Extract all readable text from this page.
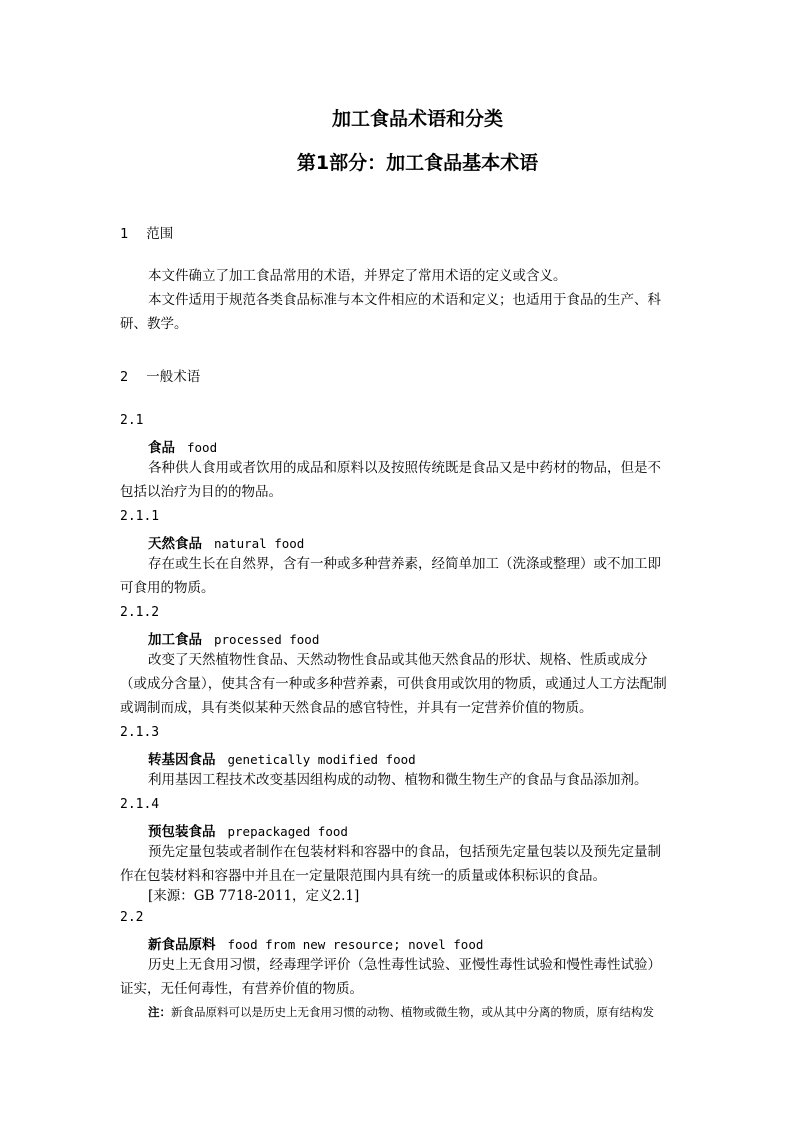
加工食品术语和分类
第1部分：加工食品基本术语
1 范围
本文件确立了加工食品常用的术语，并界定了常用术语的定义或含义。
本文件适用于规范各类食品标准与本文件相应的术语和定义；也适用于食品的生产、科研、教学。
2 一般术语
2.1
食品 food
各种供人食用或者饮用的成品和原料以及按照传统既是食品又是中药材的物品，但是不包括以治疗为目的的物品。
2.1.1
天然食品 natural food
存在或生长在自然界，含有一种或多种营养素，经简单加工（洗涤或整理）或不加工即可食用的物质。
2.1.2
加工食品 processed food
改变了天然植物性食品、天然动物性食品或其他天然食品的形状、规格、性质或成分（或成分含量），使其含有一种或多种营养素，可供食用或饮用的物质，或通过人工方法配制或调制而成，具有类似某种天然食品的感官特性，并具有一定营养价值的物质。
2.1.3
转基因食品 genetically modified food
利用基因工程技术改变基因组构成的动物、植物和微生物生产的食品与食品添加剂。
2.1.4
预包装食品 prepackaged food
预先定量包装或者制作在包装材料和容器中的食品，包括预先定量包装以及预先定量制作在包装材料和容器中并且在一定量限范围内具有统一的质量或体积标识的食品。
[来源：GB 7718-2011，定义2.1]
2.2
新食品原料 food from new resource; novel food
历史上无食用习惯，经毒理学评价（急性毒性试验、亚慢性毒性试验和慢性毒性试验）证实，无任何毒性，有营养价值的物质。
注：新食品原料可以是历史上无食用习惯的动物、植物或微生物，或从其中分离的物质，原有结构发
